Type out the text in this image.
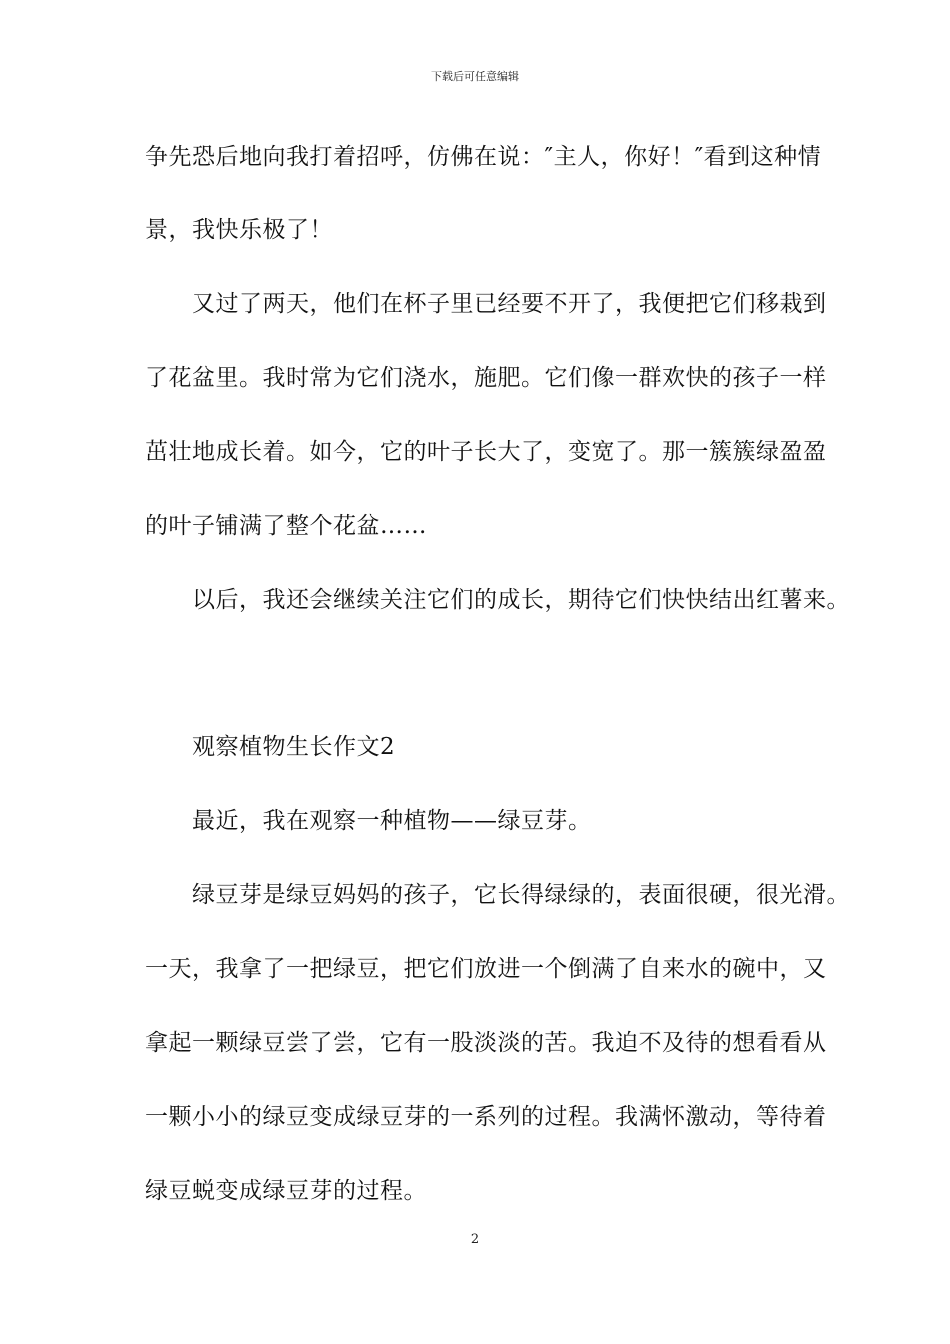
下载后可任意编辑
争先恐后地向我打着招呼，仿佛在说：″主人，你好！″看到这种情
景，我快乐极了！
又过了两天，他们在杯子里已经要不开了，我便把它们移栽到
了花盆里。我时常为它们浇水，施肥。它们像一群欢快的孩子一样
茁壮地成长着。如今，它的叶子长大了，变宽了。那一簇簇绿盈盈
的叶子铺满了整个花盆……
以后，我还会继续关注它们的成长，期待它们快快结出红薯来。
观察植物生长作文2
最近，我在观察一种植物——绿豆芽。
绿豆芽是绿豆妈妈的孩子，它长得绿绿的，表面很硬，很光滑。
一天，我拿了一把绿豆，把它们放进一个倒满了自来水的碗中，又
拿起一颗绿豆尝了尝，它有一股淡淡的苦。我迫不及待的想看看从
一颗小小的绿豆变成绿豆芽的一系列的过程。我满怀激动，等待着
绿豆蜕变成绿豆芽的过程。
2
